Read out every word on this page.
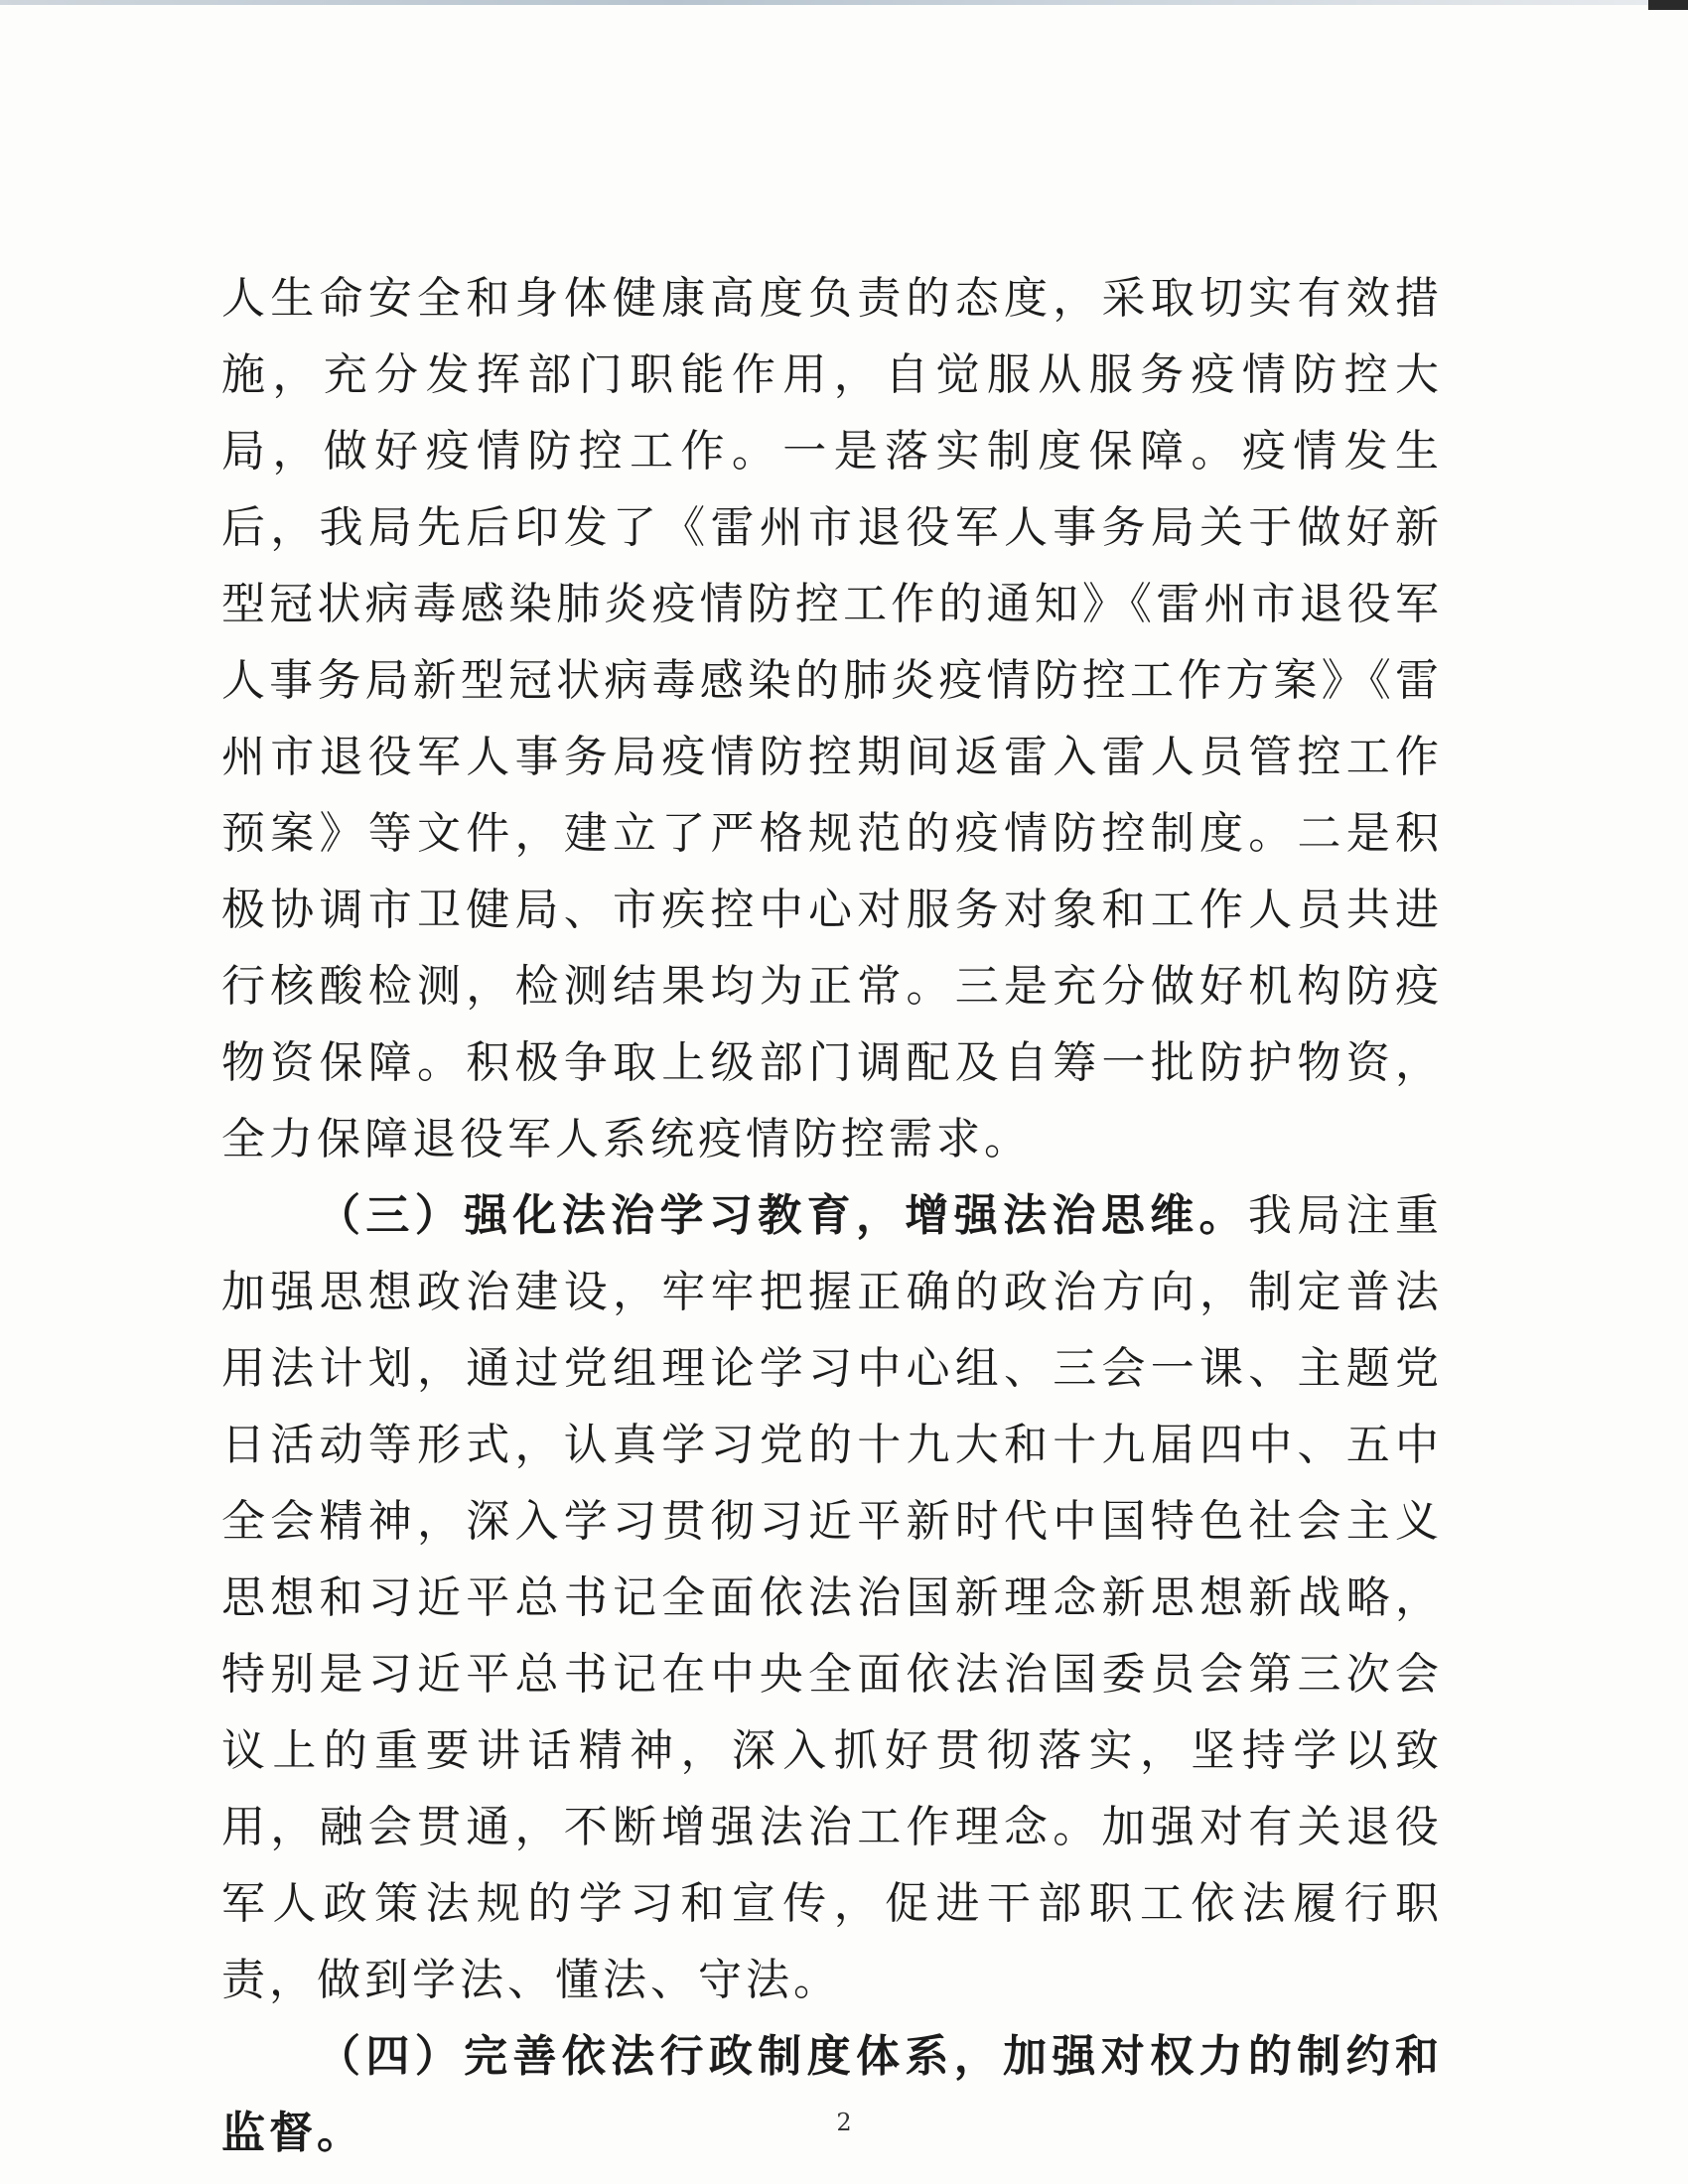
人生命安全和身体健康高度负责的态度，采取切实有效措施，充分发挥部门职能作用，自觉服从服务疫情防控大局，做好疫情防控工作。一是落实制度保障。疫情发生后，我局先后印发了《雷州市退役军人事务局关于做好新型冠状病毒感染肺炎疫情防控工作的通知》《雷州市退役军人事务局新型冠状病毒感染的肺炎疫情防控工作方案》《雷州市退役军人事务局疫情防控期间返雷入雷人员管控工作预案》等文件，建立了严格规范的疫情防控制度。二是积极协调市卫健局、市疾控中心对服务对象和工作人员共进行核酸检测，检测结果均为正常。三是充分做好机构防疫物资保障。积极争取上级部门调配及自筹一批防护物资，全力保障退役军人系统疫情防控需求。

（三）强化法治学习教育，增强法治思维。我局注重加强思想政治建设，牢牢把握正确的政治方向，制定普法用法计划，通过党组理论学习中心组、三会一课、主题党日活动等形式，认真学习党的十九大和十九届四中、五中全会精神，深入学习贯彻习近平新时代中国特色社会主义思想和习近平总书记全面依法治国新理念新思想新战略，特别是习近平总书记在中央全面依法治国委员会第三次会议上的重要讲话精神，深入抓好贯彻落实，坚持学以致用，融会贯通，不断增强法治工作理念。加强对有关退役军人政策法规的学习和宣传，促进干部职工依法履行职责，做到学法、懂法、守法。

（四）完善依法行政制度体系，加强对权力的制约和监督。	2
